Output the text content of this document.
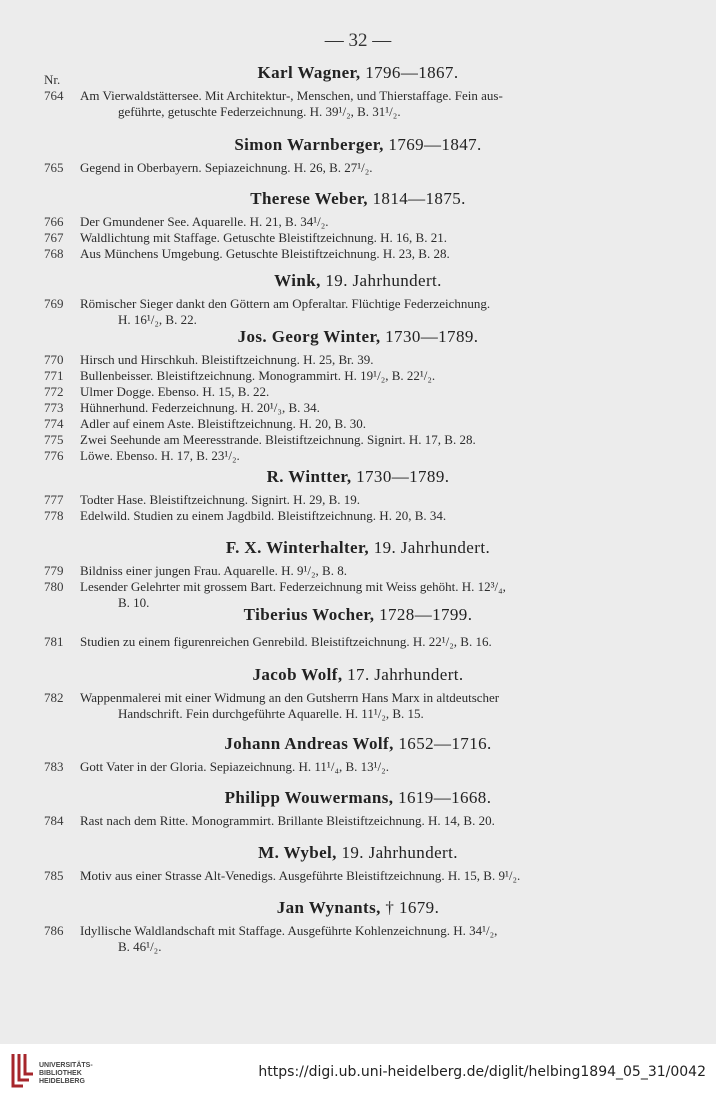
— 32 —
Nr.	Karl Wagner, 1796—1867.
764	Am Vierwaldstättersee. Mit Architektur-, Menschen, und Thierstaffage. Fein aus-
geführte, getuschte Federzeichnung. H. 39¹/₂, B. 31¹/₂.
Simon Warnberger, 1769—1847.
765	Gegend in Oberbayern. Sepiazeichnung. H. 26, B. 27¹/₂.
Therese Weber, 1814—1875.
766	Der Gmundener See. Aquarelle. H. 21, B. 34¹/₂.
767	Waldlichtung mit Staffage. Getuschte Bleistiftzeichnung. H. 16, B. 21.
768	Aus Münchens Umgebung. Getuschte Bleistiftzeichnung. H. 23, B. 28.
Wink, 19. Jahrhundert.
769	Römischer Sieger dankt den Göttern am Opferaltar. Flüchtige Federzeichnung.
H. 16¹/₂, B. 22.
Jos. Georg Winter, 1730—1789.
770	Hirsch und Hirschkuh. Bleistiftzeichnung. H. 25, Br. 39.
771	Bullenbeisser. Bleistiftzeichnung. Monogrammirt. H. 19¹/₂, B. 22¹/₂.
772	Ulmer Dogge. Ebenso. H. 15, B. 22.
773	Hühnerhund. Federzeichnung. H. 20¹/₃, B. 34.
774	Adler auf einem Aste. Bleistiftzeichnung. H. 20, B. 30.
775	Zwei Seehunde am Meeresstrande. Bleistiftzeichnung. Signirt. H. 17, B. 28.
776	Löwe. Ebenso. H. 17, B. 23¹/₂.
R. Wintter, 1730—1789.
777	Todter Hase. Bleistiftzeichnung. Signirt. H. 29, B. 19.
778	Edelwild. Studien zu einem Jagdbild. Bleistiftzeichnung. H. 20, B. 34.
F. X. Winterhalter, 19. Jahrhundert.
779	Bildniss einer jungen Frau. Aquarelle. H. 9¹/₂, B. 8.
780	Lesender Gelehrter mit grossem Bart. Federzeichnung mit Weiss gehöht. H. 12³/₄,
B. 10.
Tiberius Wocher, 1728—1799.
781	Studien zu einem figurenreichen Genrebild. Bleistiftzeichnung. H. 22¹/₂, B. 16.
Jacob Wolf, 17. Jahrhundert.
782	Wappenmalerei mit einer Widmung an den Gutsherrn Hans Marx in altdeutscher
Handschrift. Fein durchgeführte Aquarelle. H. 11¹/₂, B. 15.
Johann Andreas Wolf, 1652—1716.
783	Gott Vater in der Gloria. Sepiazeichnung. H. 11¹/₄, B. 13¹/₂.
Philipp Wouwermans, 1619—1668.
784	Rast nach dem Ritte. Monogrammirt. Brillante Bleistiftzeichnung. H. 14, B. 20.
M. Wybel, 19. Jahrhundert.
785	Motiv aus einer Strasse Alt-Venedigs. Ausgeführte Bleistiftzeichnung. H. 15, B. 9¹/₂.
Jan Wynants, † 1679.
786	Idyllische Waldlandschaft mit Staffage. Ausgeführte Kohlenzeichnung. H. 34¹/₂,
B. 46¹/₂.
UNIVERSITÄTS-
BIBLIOTHEK
HEIDELBERG
https://digi.ub.uni-heidelberg.de/diglit/helbing1894_05_31/0042
